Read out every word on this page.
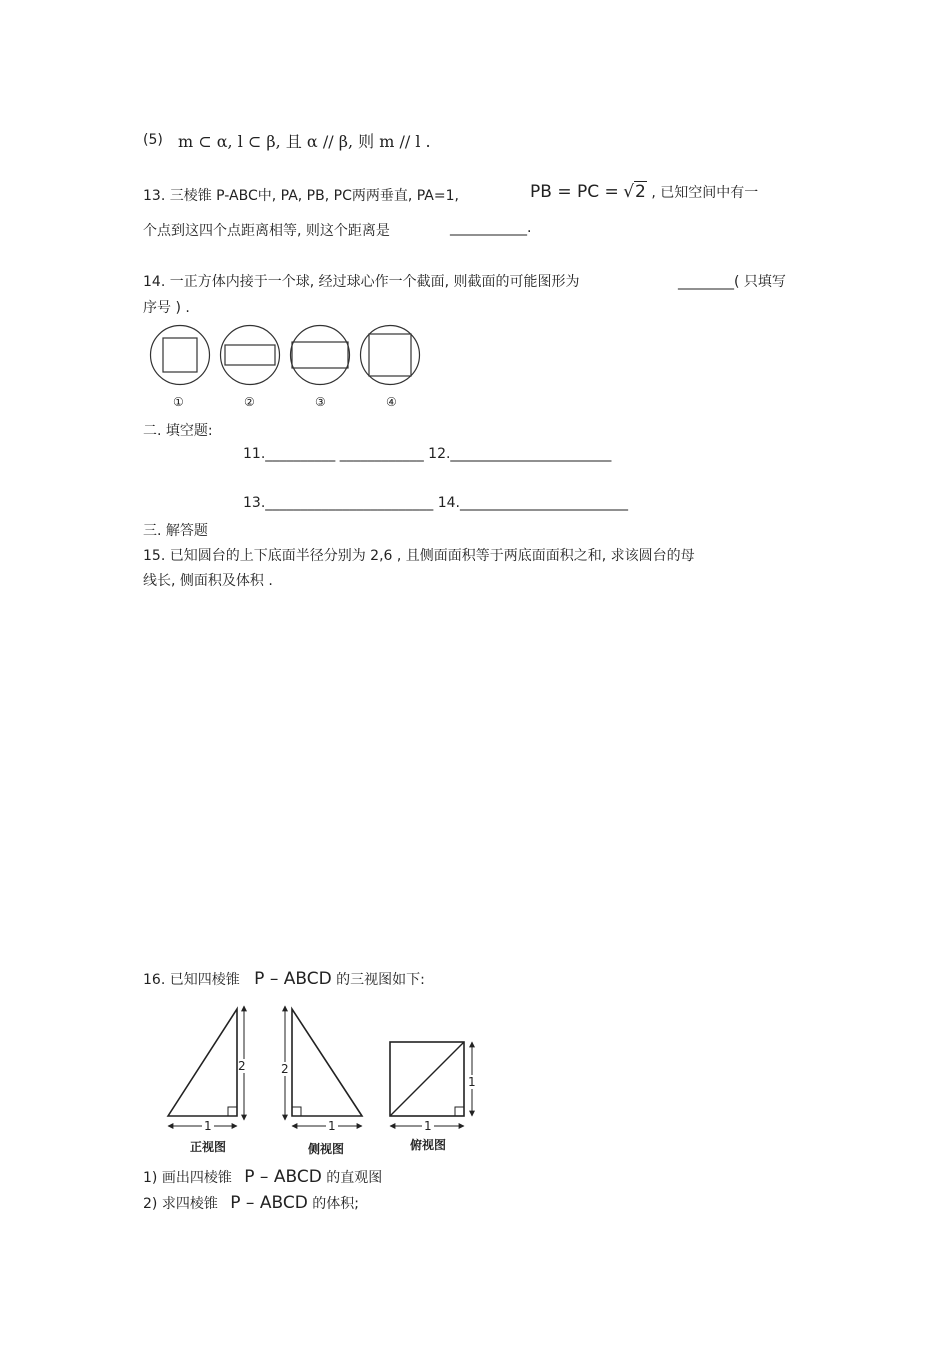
(5) m ⊂ α, l ⊂ β, 且 α // β, 则 m // l .
13. 三棱锥 P-ABC中, PA, PB, PC两两垂直, PA=1,	PB = PC = √2 , 已知空间中有一
个点到这四个点距离相等, 则这个距离是	___________.
14. 一正方体内接于一个球, 经过球心作一个截面, 则截面的可能图形为	________( 只填写
序号 ) .
①	②	③	④
二. 填空题:
11.__________ ____________ 12._______________________
13.________________________ 14.________________________
三. 解答题
15. 已知圆台的上下底面半径分别为 2,6 , 且侧面面积等于两底面面积之和, 求该圆台的母
线长, 侧面积及体积 .
16. 已知四棱锥 P – ABCD 的三视图如下:
2
1
2
1
1
1
正视图	侧视图	俯视图
1) 画出四棱锥 P – ABCD 的直观图
2) 求四棱锥 P – ABCD 的体积;
